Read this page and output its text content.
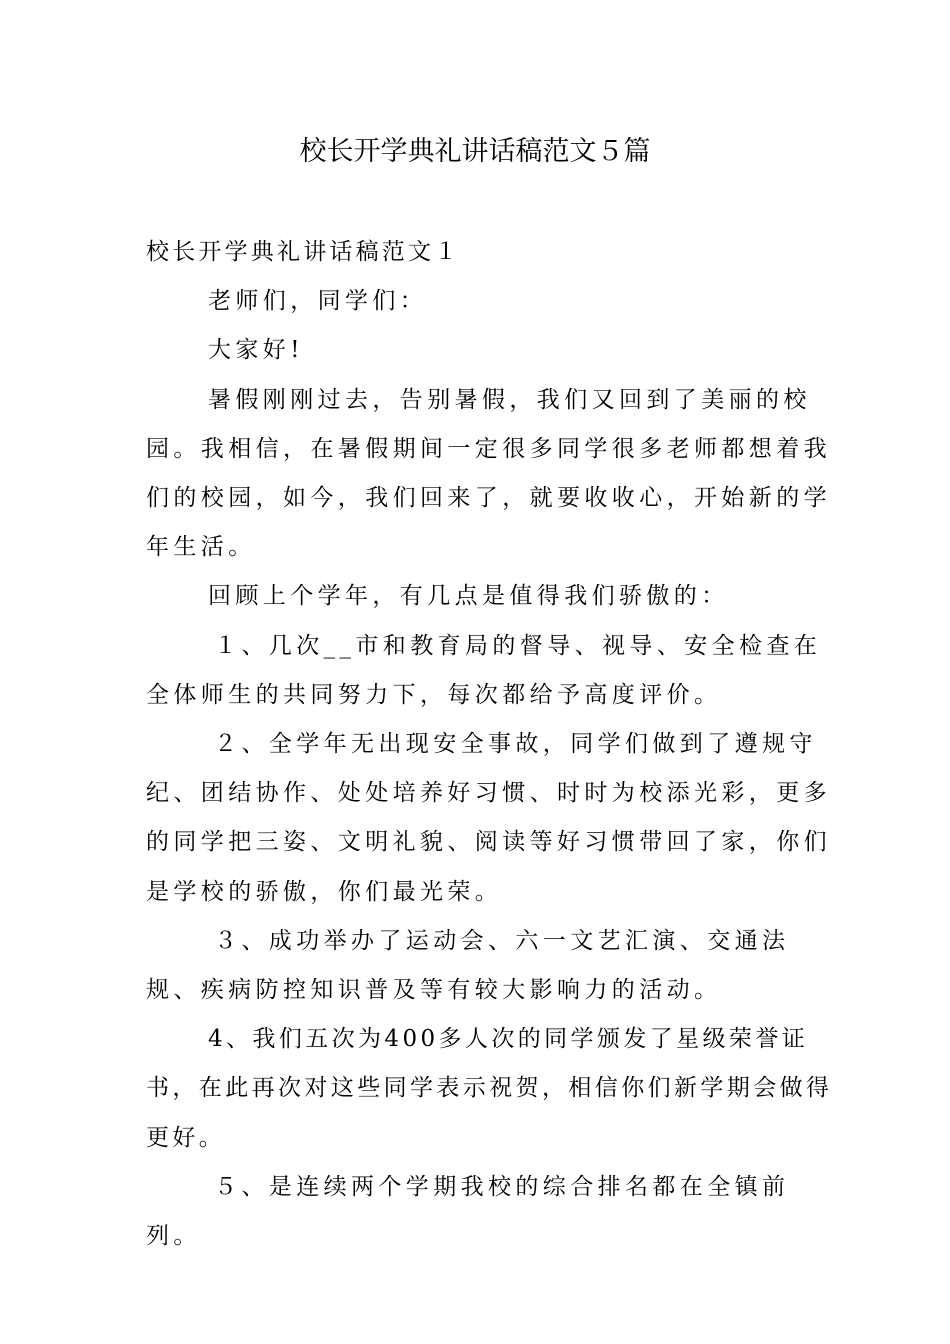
校长开学典礼讲话稿范文５篇

校长开学典礼讲话稿范文１

老师们，同学们：

大家好!

暑假刚刚过去，告别暑假，我们又回到了美丽的校园。我相信，在暑假期间一定很多同学很多老师都想着我们的校园，如今，我们回来了，就要收收心，开始新的学年生活。

回顾上个学年，有几点是值得我们骄傲的：

１、几次__市和教育局的督导、视导、安全检查在全体师生的共同努力下，每次都给予高度评价。

２、全学年无出现安全事故，同学们做到了遵规守纪、团结协作、处处培养好习惯、时时为校添光彩，更多的同学把三姿、文明礼貌、阅读等好习惯带回了家，你们是学校的骄傲，你们最光荣。

３、成功举办了运动会、六一文艺汇演、交通法规、疾病防控知识普及等有较大影响力的活动。

4、我们五次为400多人次的同学颁发了星级荣誉证书，在此再次对这些同学表示祝贺，相信你们新学期会做得更好。

５、是连续两个学期我校的综合排名都在全镇前列。
